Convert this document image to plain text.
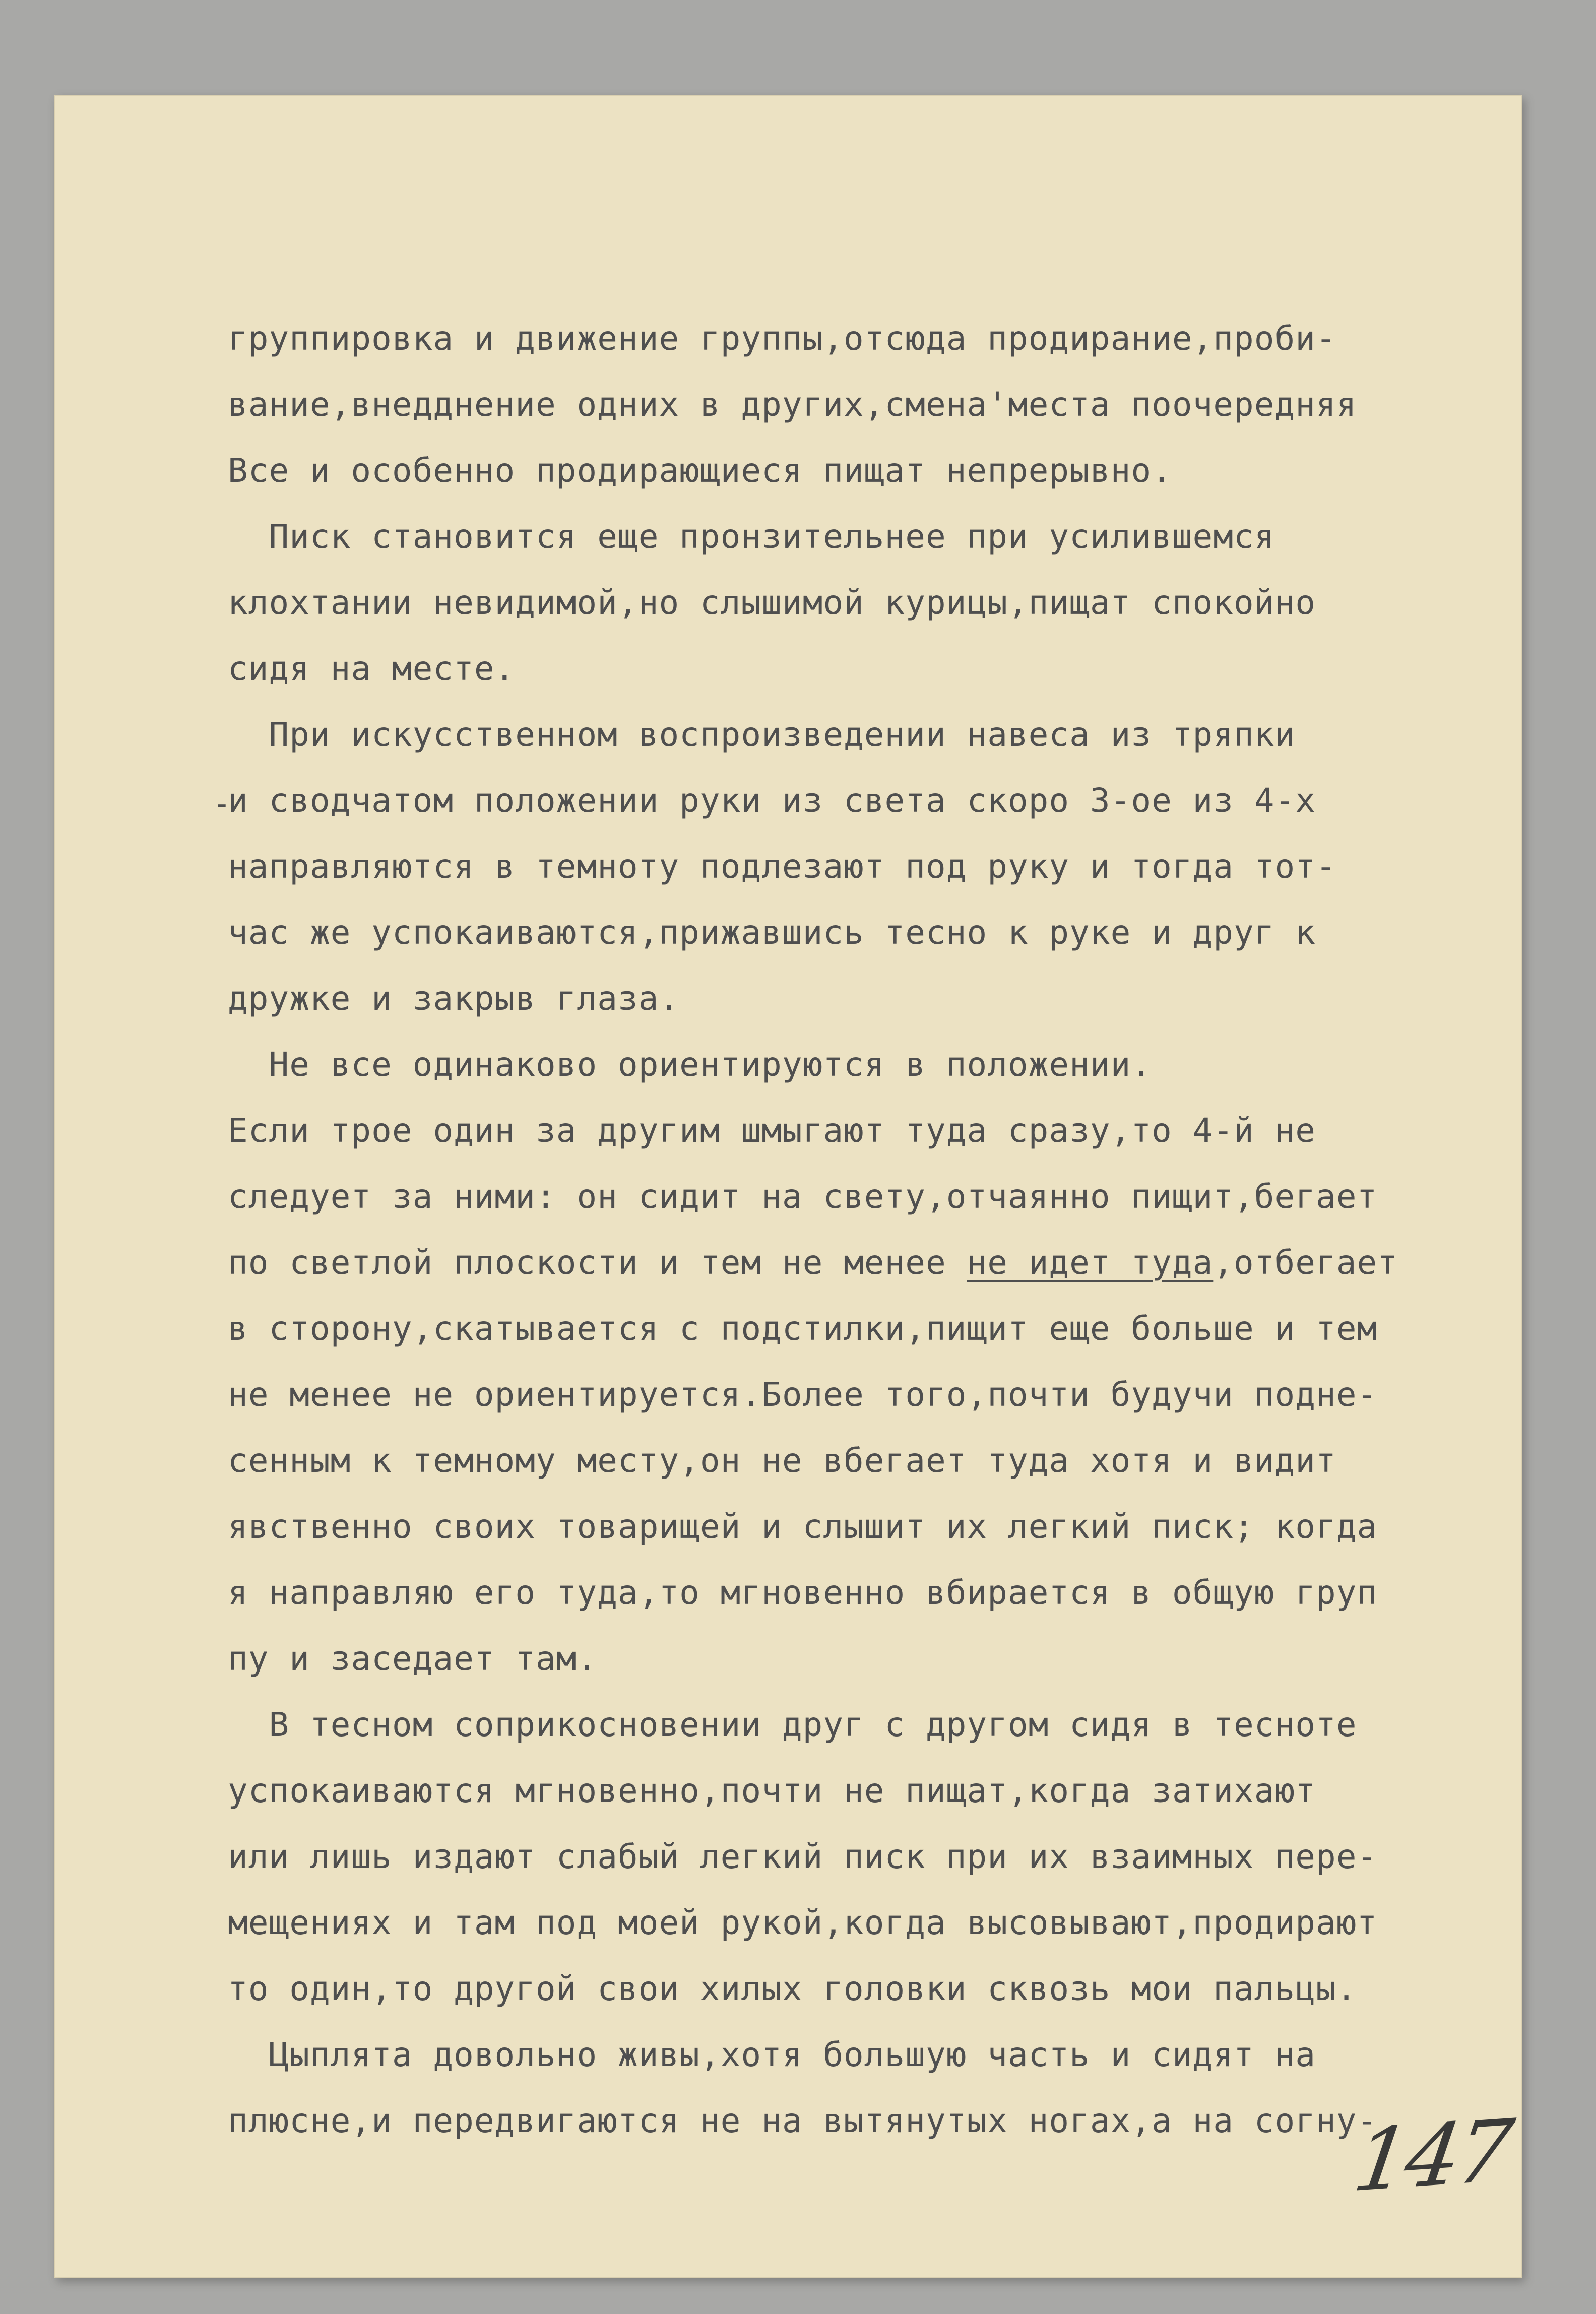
группировка и движение группы,отсюда продирание,проби-
вание,внедднение одних в других,смена'места поочередняя
Все и особенно продирающиеся пищат непрерывно.
Писк становится еще пронзительнее при усилившемся
клохтании невидимой,но слышимой курицы,пищат спокойно
сидя на месте.
При искусственном воспроизведении навеса из тряпки
и сводчатом положении руки из света скоро 3-ое из 4-х
направляются в темноту подлезают под руку и тогда тот-
час же успокаиваются,прижавшись тесно к руке и друг к
дружке и закрыв глаза.
Не все одинаково ориентируются в положении.
Если трое один за другим шмыгают туда сразу,то 4-й не
следует за ними: он сидит на свету,отчаянно пищит,бегает
по светлой плоскости и тем не менее не идет туда ,отбегает
в сторону,скатывается с подстилки,пищит еще больше и тем
не менее не ориентируется.Более того,почти будучи подне-
сенным к темному месту,он не вбегает туда хотя и видит
явственно своих товарищей и слышит их легкий писк; когда
я направляю его туда,то мгновенно вбирается в общую груп
пу и заседает там.
В тесном соприкосновении друг с другом сидя в тесноте
успокаиваются мгновенно,почти не пищат,когда затихают
или лишь издают слабый легкий писк при их взаимных пере-
мещениях и там под моей рукой,когда высовывают,продирают
то один,то другой свои хилых головки сквозь мои пальцы.
Цыплята довольно живы,хотя большую часть и сидят на
плюсне,и передвигаются не на вытянутых ногах,а на согну-
-
147
